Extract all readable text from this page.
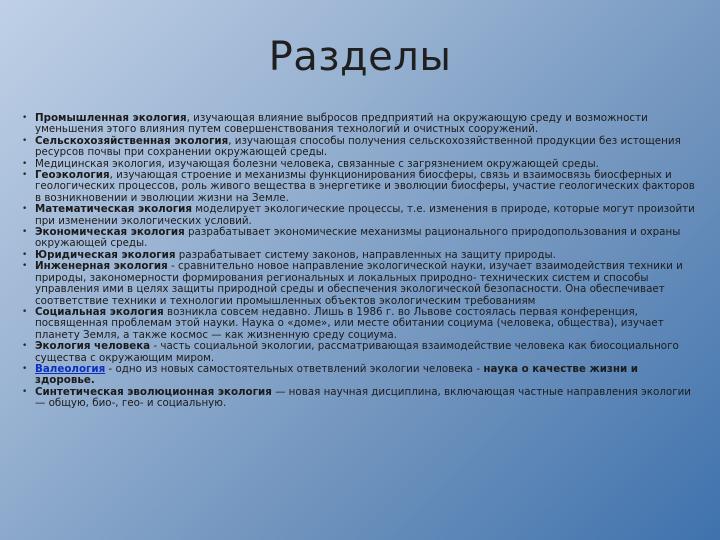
Разделы
• Промышленная экология, изучающая влияние выбросов предприятий на окружающую среду и возможности уменьшения этого влияния путем совершенствования технологий и очистных сооружений.
• Сельскохозяйственная экология, изучающая способы получения сельскохозяйственной продукции без истощения ресурсов почвы при сохранении окружающей среды.
• Медицинская экология, изучающая болезни человека, связанные с загрязнением окружающей среды.
• Геоэкология, изучающая строение и механизмы функционирования биосферы, связь и взаимосвязь биосферных и геологических процессов, роль живого вещества в энергетике и эволюции биосферы, участие геологических факторов в возникновении и эволюции жизни на Земле.
• Математическая экология моделирует экологические процессы, т.е. изменения в природе, которые могут произойти при изменении экологических условий.
• Экономическая экология разрабатывает экономические механизмы рационального природопользования и охраны окружающей среды.
• Юридическая экология разрабатывает систему законов, направленных на защиту природы.
• Инженерная экология - сравнительно новое направление экологической науки, изучает взаимодействия техники и природы, закономерности формирования региональных и локальных природно- технических систем и способы управления ими в целях защиты природной среды и обеспечения экологической безопасности. Она обеспечивает соответствие техники и технологии промышленных объектов экологическим требованиям
• Социальная экология возникла совсем недавно. Лишь в 1986 г. во Львове состоялась первая конференция, посвященная проблемам этой науки. Наука о «доме», или месте обитании социума (человека, общества), изучает планету Земля, а также космос — как жизненную среду социума.
• Экология человека - часть социальной экологии, рассматривающая взаимодействие человека как биосоциального существа с окружающим миром.
• Валеология - одно из новых самостоятельных ответвлений экологии человека - наука о качестве жизни и здоровье.
• Синтетическая эволюционная экология — новая научная дисциплина, включающая частные направления экологии — общую, био-, гео- и социальную.
